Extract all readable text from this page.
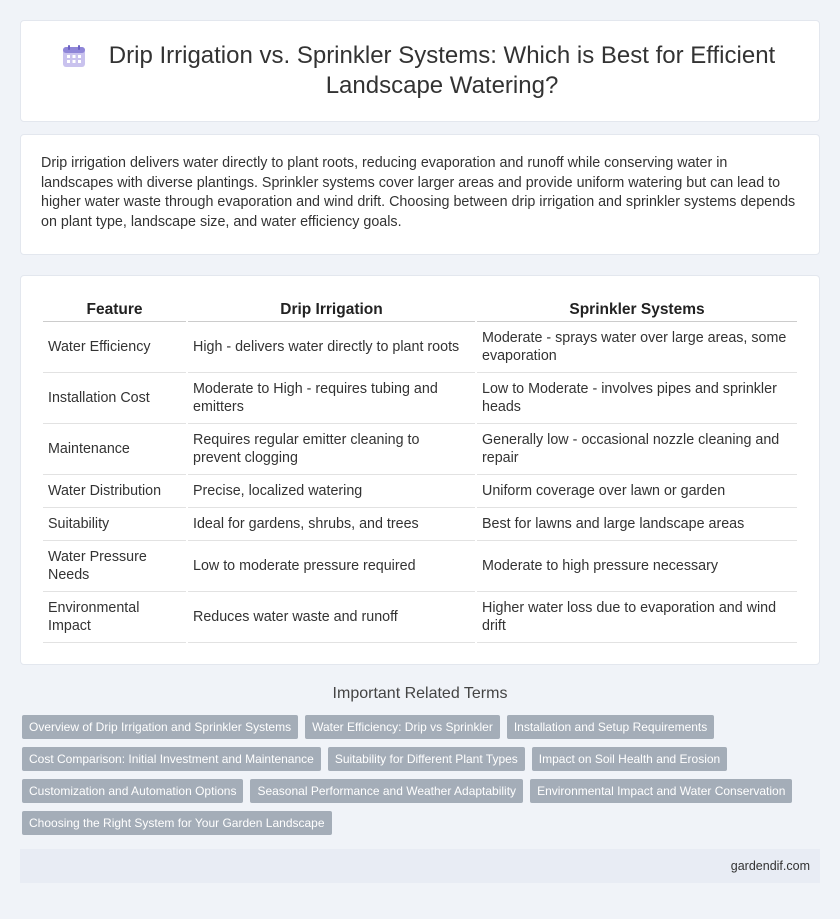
Drip Irrigation vs. Sprinkler Systems: Which is Best for Efficient Landscape Watering?
Drip irrigation delivers water directly to plant roots, reducing evaporation and runoff while conserving water in landscapes with diverse plantings. Sprinkler systems cover larger areas and provide uniform watering but can lead to higher water waste through evaporation and wind drift. Choosing between drip irrigation and sprinkler systems depends on plant type, landscape size, and water efficiency goals.
Feature	Drip Irrigation	Sprinkler Systems
Water Efficiency	High - delivers water directly to plant roots	Moderate - sprays water over large areas, some evaporation
Installation Cost	Moderate to High - requires tubing and emitters	Low to Moderate - involves pipes and sprinkler heads
Maintenance	Requires regular emitter cleaning to prevent clogging	Generally low - occasional nozzle cleaning and repair
Water Distribution	Precise, localized watering	Uniform coverage over lawn or garden
Suitability	Ideal for gardens, shrubs, and trees	Best for lawns and large landscape areas
Water Pressure Needs	Low to moderate pressure required	Moderate to high pressure necessary
Environmental Impact	Reduces water waste and runoff	Higher water loss due to evaporation and wind drift
Important Related Terms
Overview of Drip Irrigation and Sprinkler Systems	Water Efficiency: Drip vs Sprinkler	Installation and Setup Requirements
Cost Comparison: Initial Investment and Maintenance	Suitability for Different Plant Types	Impact on Soil Health and Erosion
Customization and Automation Options	Seasonal Performance and Weather Adaptability	Environmental Impact and Water Conservation
Choosing the Right System for Your Garden Landscape
gardendif.com
